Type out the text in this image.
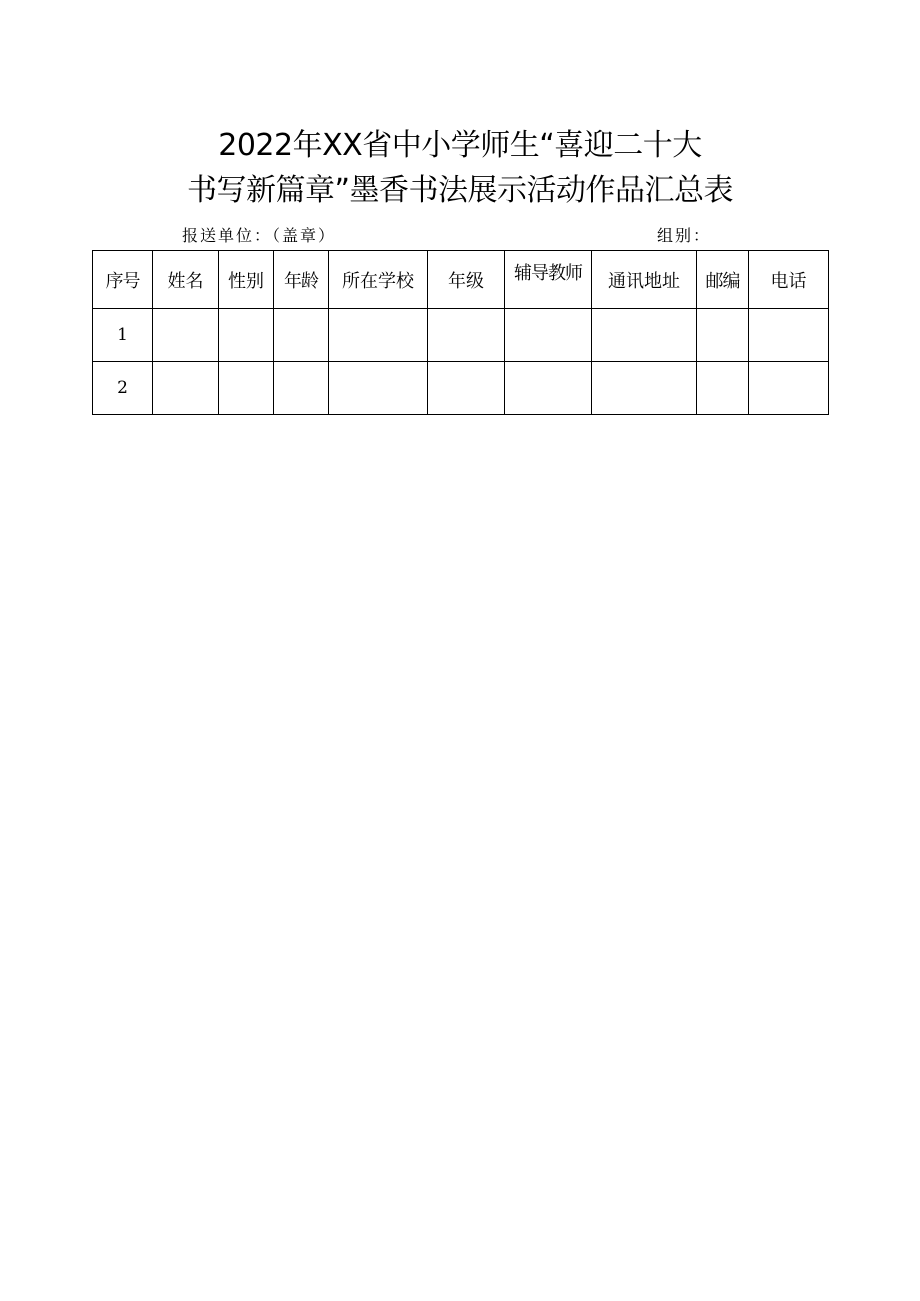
2022年XX省中小学师生“喜迎二十大
书写新篇章”墨香书法展示活动作品汇总表
报送单位：（盖章）	组别：
序号	姓名	性别	年龄	所在学校	年级	辅导教师	通讯地址	邮编	电话
1									
2									
